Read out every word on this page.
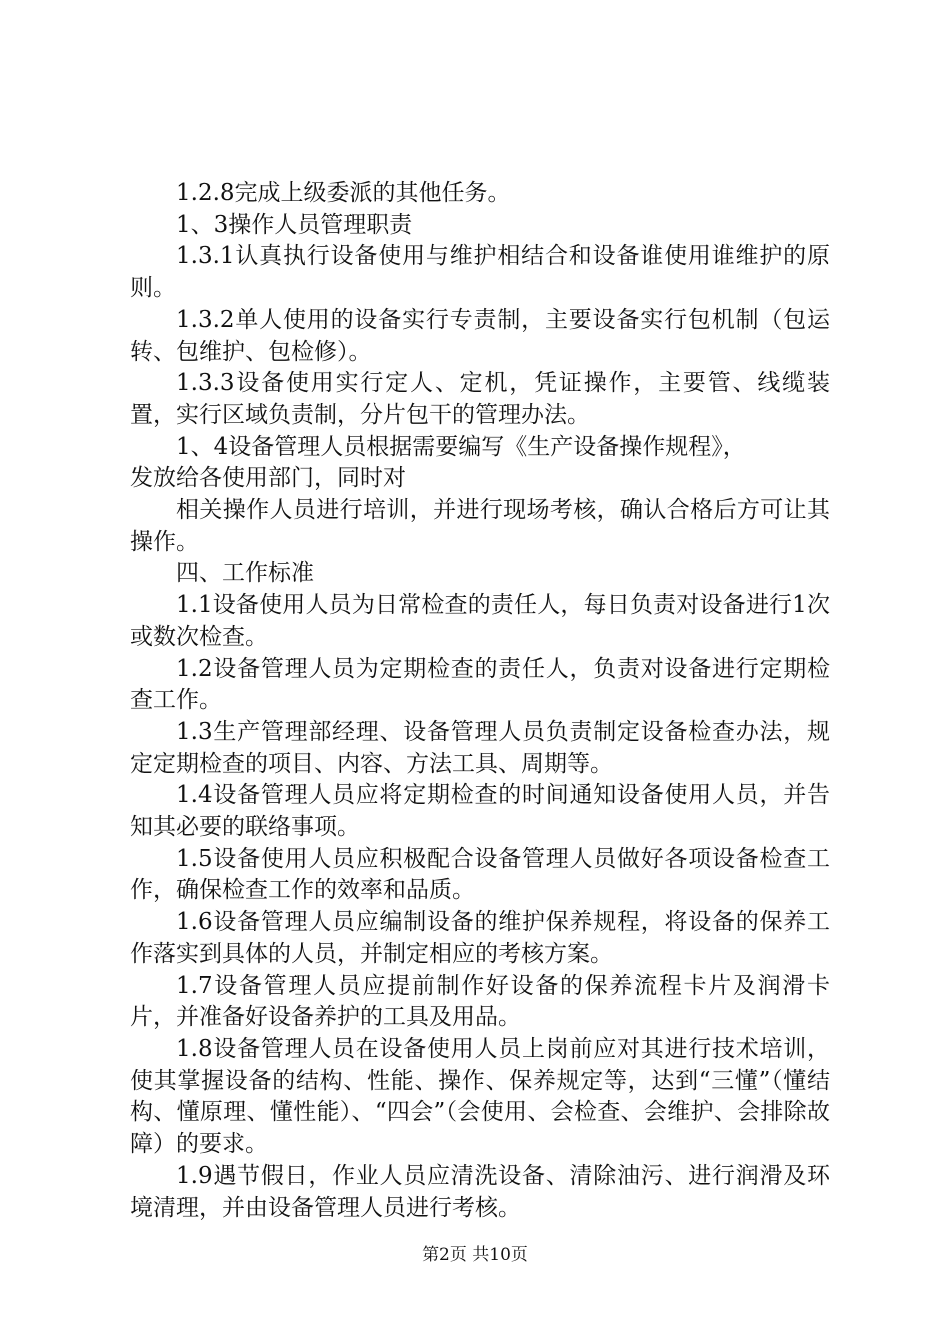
1.2.8完成上级委派的其他任务。

1、3操作人员管理职责

1.3.1认真执行设备使用与维护相结合和设备谁使用谁维护的原则。

1.3.2单人使用的设备实行专责制，主要设备实行包机制（包运转、包维护、包检修）。

1.3.3设备使用实行定人、定机，凭证操作，主要管、线缆装置，实行区域负责制，分片包干的管理办法。

1、4设备管理人员根据需要编写《生产设备操作规程》，

发放给各使用部门，同时对

相关操作人员进行培训，并进行现场考核，确认合格后方可让其操作。

四、工作标准

1.1设备使用人员为日常检查的责任人，每日负责对设备进行1次或数次检查。

1.2设备管理人员为定期检查的责任人，负责对设备进行定期检查工作。

1.3生产管理部经理、设备管理人员负责制定设备检查办法，规定定期检查的项目、内容、方法工具、周期等。

1.4设备管理人员应将定期检查的时间通知设备使用人员，并告知其必要的联络事项。

1.5设备使用人员应积极配合设备管理人员做好各项设备检查工作，确保检查工作的效率和品质。

1.6设备管理人员应编制设备的维护保养规程，将设备的保养工作落实到具体的人员，并制定相应的考核方案。

1.7设备管理人员应提前制作好设备的保养流程卡片及润滑卡片，并准备好设备养护的工具及用品。

1.8设备管理人员在设备使用人员上岗前应对其进行技术培训，使其掌握设备的结构、性能、操作、保养规定等，达到“三懂”（懂结构、懂原理、懂性能）、“四会”（会使用、会检查、会维护、会排除故障）的要求。

1.9遇节假日，作业人员应清洗设备、清除油污、进行润滑及环境清理，并由设备管理人员进行考核。

第2页 共10页
